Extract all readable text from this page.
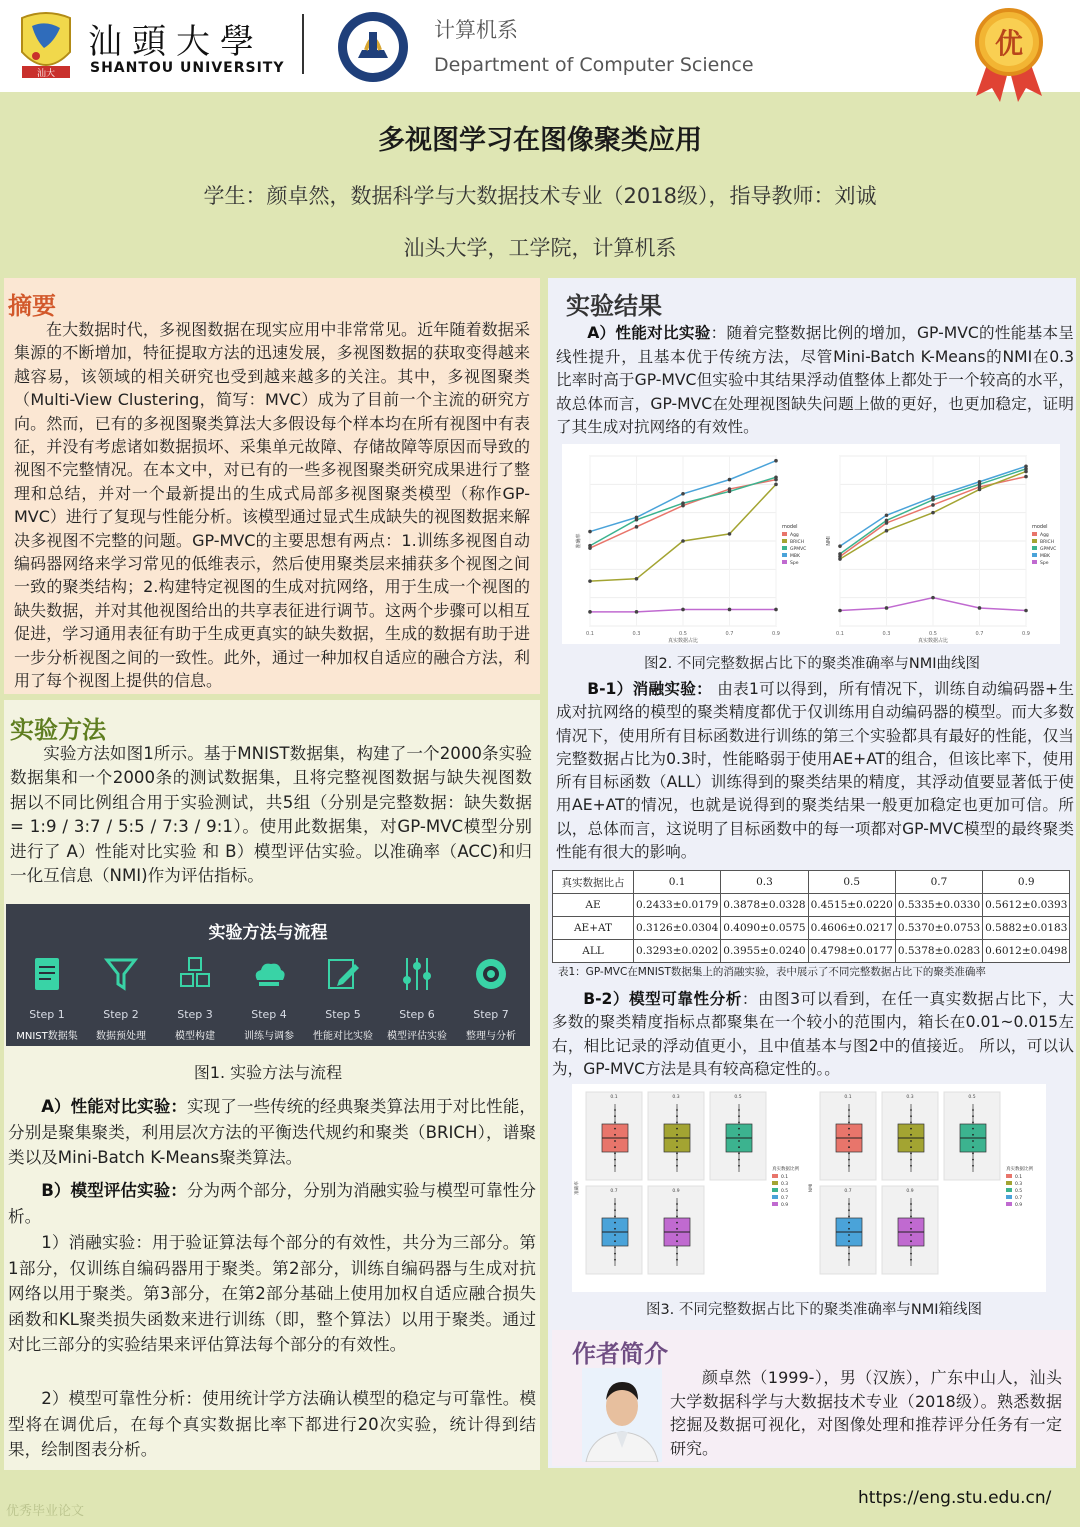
汕大
汕頭大學
SHANTOU UNIVERSITY
计算机系
Department of Computer Science
优
多视图学习在图像聚类应用
学生：颜卓然，数据科学与大数据技术专业（2018级），指导教师：刘诚
汕头大学，工学院，计算机系
摘要
在大数据时代，多视图数据在现实应用中非常常见。近年随着数据采集源的不断增加，特征提取方法的迅速发展，多视图数据的获取变得越来越容易，该领域的相关研究也受到越来越多的关注。其中，多视图聚类（Multi-View Clustering，简写：MVC）成为了目前一个主流的研究方向。然而，已有的多视图聚类算法大多假设每个样本均在所有视图中有表征，并没有考虑诸如数据损坏、采集单元故障、存储故障等原因而导致的视图不完整情况。在本文中，对已有的一些多视图聚类研究成果进行了整理和总结，并对一个最新提出的生成式局部多视图聚类模型（称作GP-MVC）进行了复现与性能分析。该模型通过显式生成缺失的视图数据来解决多视图不完整的问题。GP-MVC的主要思想有两点：1.训练多视图自动编码器网络来学习常见的低维表示，然后使用聚类层来捕获多个视图之间一致的聚类结构；2.构建特定视图的生成对抗网络，用于生成一个视图的缺失数据，并对其他视图给出的共享表征进行调节。这两个步骤可以相互促进，学习通用表征有助于生成更真实的缺失数据，生成的数据有助于进一步分析视图之间的一致性。此外，通过一种加权自适应的融合方法，利用了每个视图上提供的信息。
实验方法
实验方法如图1所示。基于MNIST数据集，构建了一个2000条实验数据集和一个2000条的测试数据集，且将完整视图数据与缺失视图数据以不同比例组合用于实验测试，共5组（分别是完整数据：缺失数据 = 1:9 / 3:7 / 5:5 / 7:3 / 9:1）。使用此数据集，对GP-MVC模型分别进行了 A）性能对比实验 和 B）模型评估实验。以准确率（ACC)和归一化互信息（NMI)作为评估指标。
实验方法与流程
Step 1
MNIST数据集
Step 2
数据预处理
Step 3
模型构建
Step 4
训练与调参
Step 5
性能对比实验
Step 6
模型评估实验
Step 7
整理与分析
图1. 实验方法与流程
A）性能对比实验：实现了一些传统的经典聚类算法用于对比性能，分别是聚集聚类，利用层次方法的平衡迭代规约和聚类（BRICH），谱聚类以及Mini-Batch K-Means聚类算法。
B）模型评估实验：分为两个部分，分别为消融实验与模型可靠性分析。
1）消融实验：用于验证算法每个部分的有效性，共分为三部分。第1部分，仅训练自编码器用于聚类。第2部分，训练自编码器与生成对抗网络以用于聚类。第3部分，在第2部分基础上使用加权自适应融合损失函数和KL聚类损失函数来进行训练（即，整个算法）以用于聚类。通过对比三部分的实验结果来评估算法每个部分的有效性。
2）模型可靠性分析：使用统计学方法确认模型的稳定与可靠性。模型将在调优后，在每个真实数据比率下都进行20次实验，统计得到结果，绘制图表分析。
实验结果
A）性能对比实验：随着完整数据比例的增加，GP-MVC的性能基本呈线性提升，且基本优于传统方法，尽管Mini-Batch K-Means的NMI在0.3比率时高于GP-MVC但实验中其结果浮动值整体上都处于一个较高的水平，故总体而言，GP-MVC在处理视图缺失问题上做的更好，也更加稳定，证明了其生成对抗网络的有效性。
0.1	0.3	0.5	0.7	0.9
真实数据占比
准确率	Agg
BRICH
GPMVC
MBK
Spe
model
0.1	0.3	0.5	0.7	0.9
真实数据占比
NMI
Agg
BRICH
GPMVC
MBK
Spe
model
图2. 不同完整数据占比下的聚类准确率与NMI曲线图
B-1）消融实验： 由表1可以得到，所有情况下，训练自动编码器+生成对抗网络的模型的聚类精度都优于仅训练用自动编码器的模型。而大多数情况下，使用所有目标函数进行训练的第三个实验都具有最好的性能，仅当完整数据占比为0.3时，性能略弱于使用AE+AT的组合，但该比率下，使用所有目标函数（ALL）训练得到的聚类结果的精度，其浮动值要显著低于使用AE+AT的情况，也就是说得到的聚类结果一般更加稳定也更加可信。所以，总体而言，这说明了目标函数中的每一项都对GP-MVC模型的最终聚类性能有很大的影响。
真实数据比占	0.1	0.3	0.5	0.7	0.9
AE	0.2433±0.0179	0.3878±0.0328	0.4515±0.0220	0.5335±0.0330	0.5612±0.0393
AE+AT	0.3126±0.0304	0.4090±0.0575	0.4606±0.0217	0.5370±0.0753	0.5882±0.0183
ALL	0.3293±0.0202	0.3955±0.0240	0.4798±0.0177	0.5378±0.0283	0.6012±0.0498
表1：GP-MVC在MNIST数据集上的消融实验，表中展示了不同完整数据占比下的聚类准确率
B-2）模型可靠性分析：由图3可以看到，在任一真实数据占比下，大多数的聚类精度指标点都聚集在一个较小的范围内，箱长在0.01~0.015左右，相比记录的浮动值更小，且中值基本与图2中的值接近。 所以，可以认为，GP-MVC方法是具有较高稳定性的。。
0.1	0.3	0.5
0.7	0.9
准确率
真实数据比例
0.1
0.3
0.5
0.7
0.9
0.1	0.3	0.5
0.7	0.9
NMI
真实数据比例
0.1
0.3
0.5
0.7
0.9
图3. 不同完整数据占比下的聚类准确率与NMI箱线图
作者简介
颜卓然（1999-），男（汉族），广东中山人，汕头大学数据科学与大数据技术专业（2018级）。熟悉数据挖掘及数据可视化，对图像处理和推荐评分任务有一定研究。
优秀毕业论文
https://eng.stu.edu.cn/
